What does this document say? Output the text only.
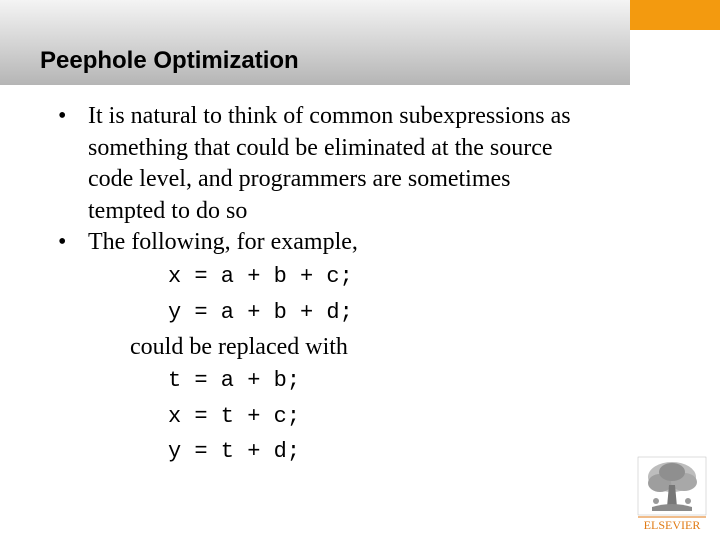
Peephole Optimization
• It is natural to think of common subexpressions as
something that could be eliminated at the source
code level, and programmers are sometimes
tempted to do so
• The following, for example,
x = a + b + c;
y = a + b + d;
could be replaced with
t = a + b;
x = t + c;
y = t + d;
ELSEVIER
